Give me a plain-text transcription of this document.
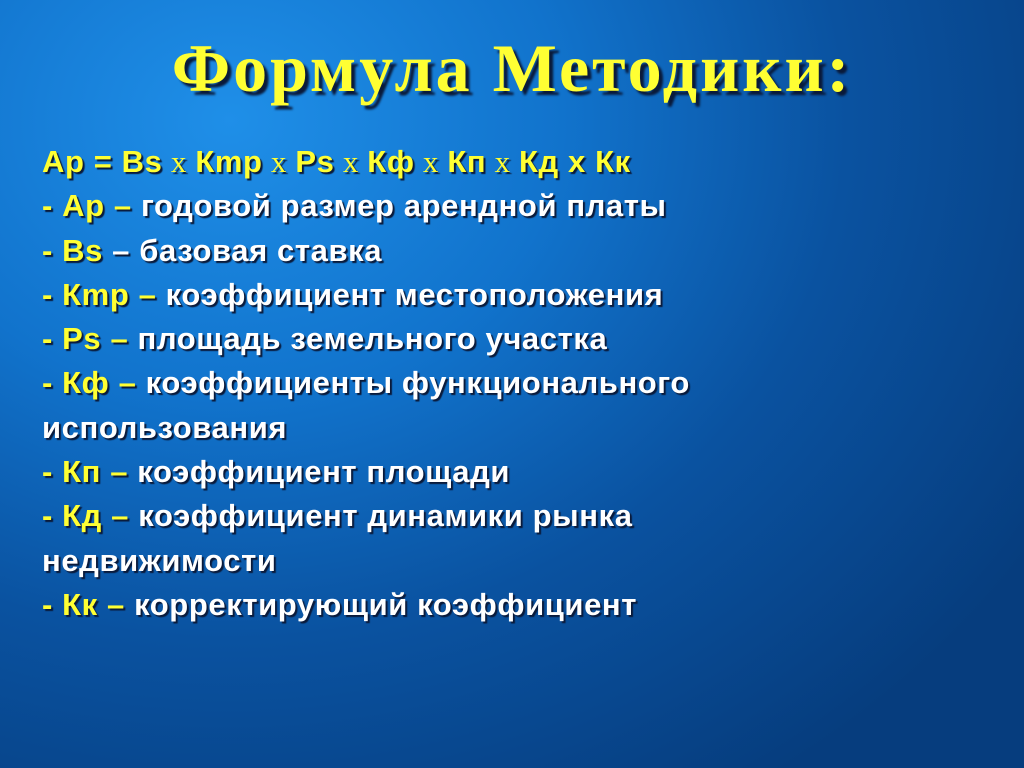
Формула Методики:
Ар = Bs х Кmp х Ps х Кф х Кп х Кд х Кк
- Ар – годовой размер арендной платы
- Bs – базовая ставка
- Кmp – коэффициент местоположения
- Ps – площадь земельного участка
- Кф – коэффициенты функционального
использования
- Кп – коэффициент площади
- Кд – коэффициент динамики рынка
недвижимости
- Кк – корректирующий коэффициент
